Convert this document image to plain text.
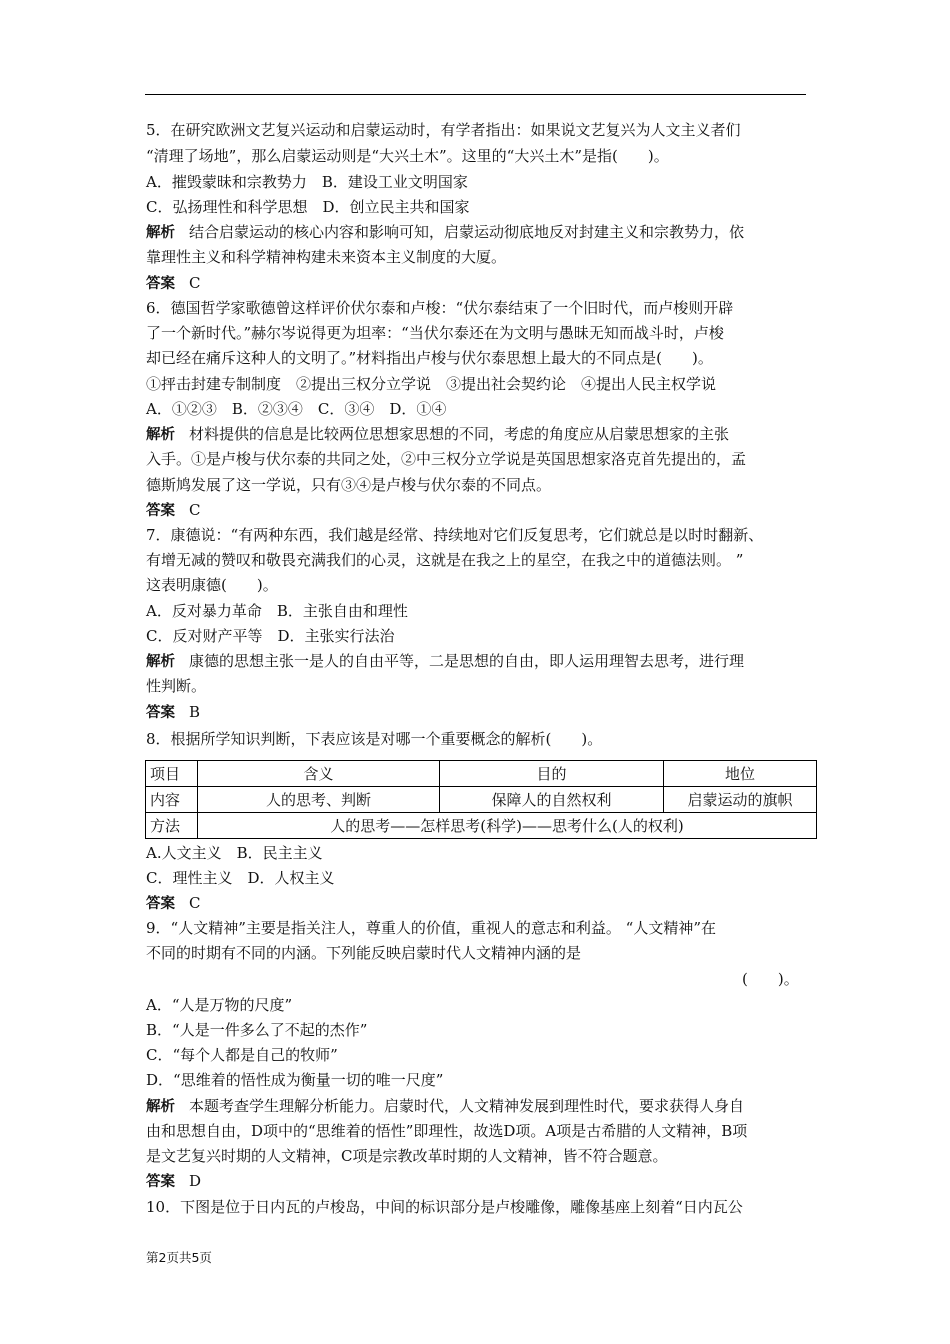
5．在研究欧洲文艺复兴运动和启蒙运动时，有学者指出：如果说文艺复兴为人文主义者们
“清理了场地”，那么启蒙运动则是“大兴土木”。这里的“大兴土木”是指(　　)。
A．摧毁蒙昧和宗教势力　B．建设工业文明国家
C．弘扬理性和科学思想　D．创立民主共和国家
解析 结合启蒙运动的核心内容和影响可知，启蒙运动彻底地反对封建主义和宗教势力，依
靠理性主义和科学精神构建未来资本主义制度的大厦。
答案 C
6．德国哲学家歌德曾这样评价伏尔泰和卢梭：“伏尔泰结束了一个旧时代，而卢梭则开辟
了一个新时代。”赫尔岑说得更为坦率：“当伏尔泰还在为文明与愚昧无知而战斗时，卢梭
却已经在痛斥这种人的文明了。”材料指出卢梭与伏尔泰思想上最大的不同点是(　　)。
①抨击封建专制制度　②提出三权分立学说　③提出社会契约论　④提出人民主权学说
A．①②③　B．②③④　C．③④　D．①④
解析 材料提供的信息是比较两位思想家思想的不同，考虑的角度应从启蒙思想家的主张
入手。①是卢梭与伏尔泰的共同之处，②中三权分立学说是英国思想家洛克首先提出的，孟
德斯鸠发展了这一学说，只有③④是卢梭与伏尔泰的不同点。
答案 C
7．康德说：“有两种东西，我们越是经常、持续地对它们反复思考，它们就总是以时时翻新、
有增无减的赞叹和敬畏充满我们的心灵，这就是在我之上的星空，在我之中的道德法则。 ”
这表明康德(　　)。
A．反对暴力革命　B．主张自由和理性
C．反对财产平等　D．主张实行法治
解析 康德的思想主张一是人的自由平等，二是思想的自由，即人运用理智去思考，进行理
性判断。
答案 B
8．根据所学知识判断，下表应该是对哪一个重要概念的解析(　　)。
项目	含义	目的	地位
内容	人的思考、判断	保障人的自然权利	启蒙运动的旗帜
方法	人的思考——怎样思考(科学)——思考什么(人的权利)		
A.人文主义　B．民主主义
C．理性主义　D．人权主义
答案 C
9．“人文精神”主要是指关注人，尊重人的价值，重视人的意志和利益。 “人文精神”在
不同的时期有不同的内涵。下列能反映启蒙时代人文精神内涵的是
(　　)。
A．“人是万物的尺度”
B．“人是一件多么了不起的杰作”
C．“每个人都是自己的牧师”
D．“思维着的悟性成为衡量一切的唯一尺度”
解析 本题考查学生理解分析能力。启蒙时代，人文精神发展到理性时代，要求获得人身自
由和思想自由，D项中的“思维着的悟性”即理性，故选D项。A项是古希腊的人文精神，B项
是文艺复兴时期的人文精神，C项是宗教改革时期的人文精神，皆不符合题意。
答案 D
10．下图是位于日内瓦的卢梭岛，中间的标识部分是卢梭雕像，雕像基座上刻着“日内瓦公
第2页共5页
